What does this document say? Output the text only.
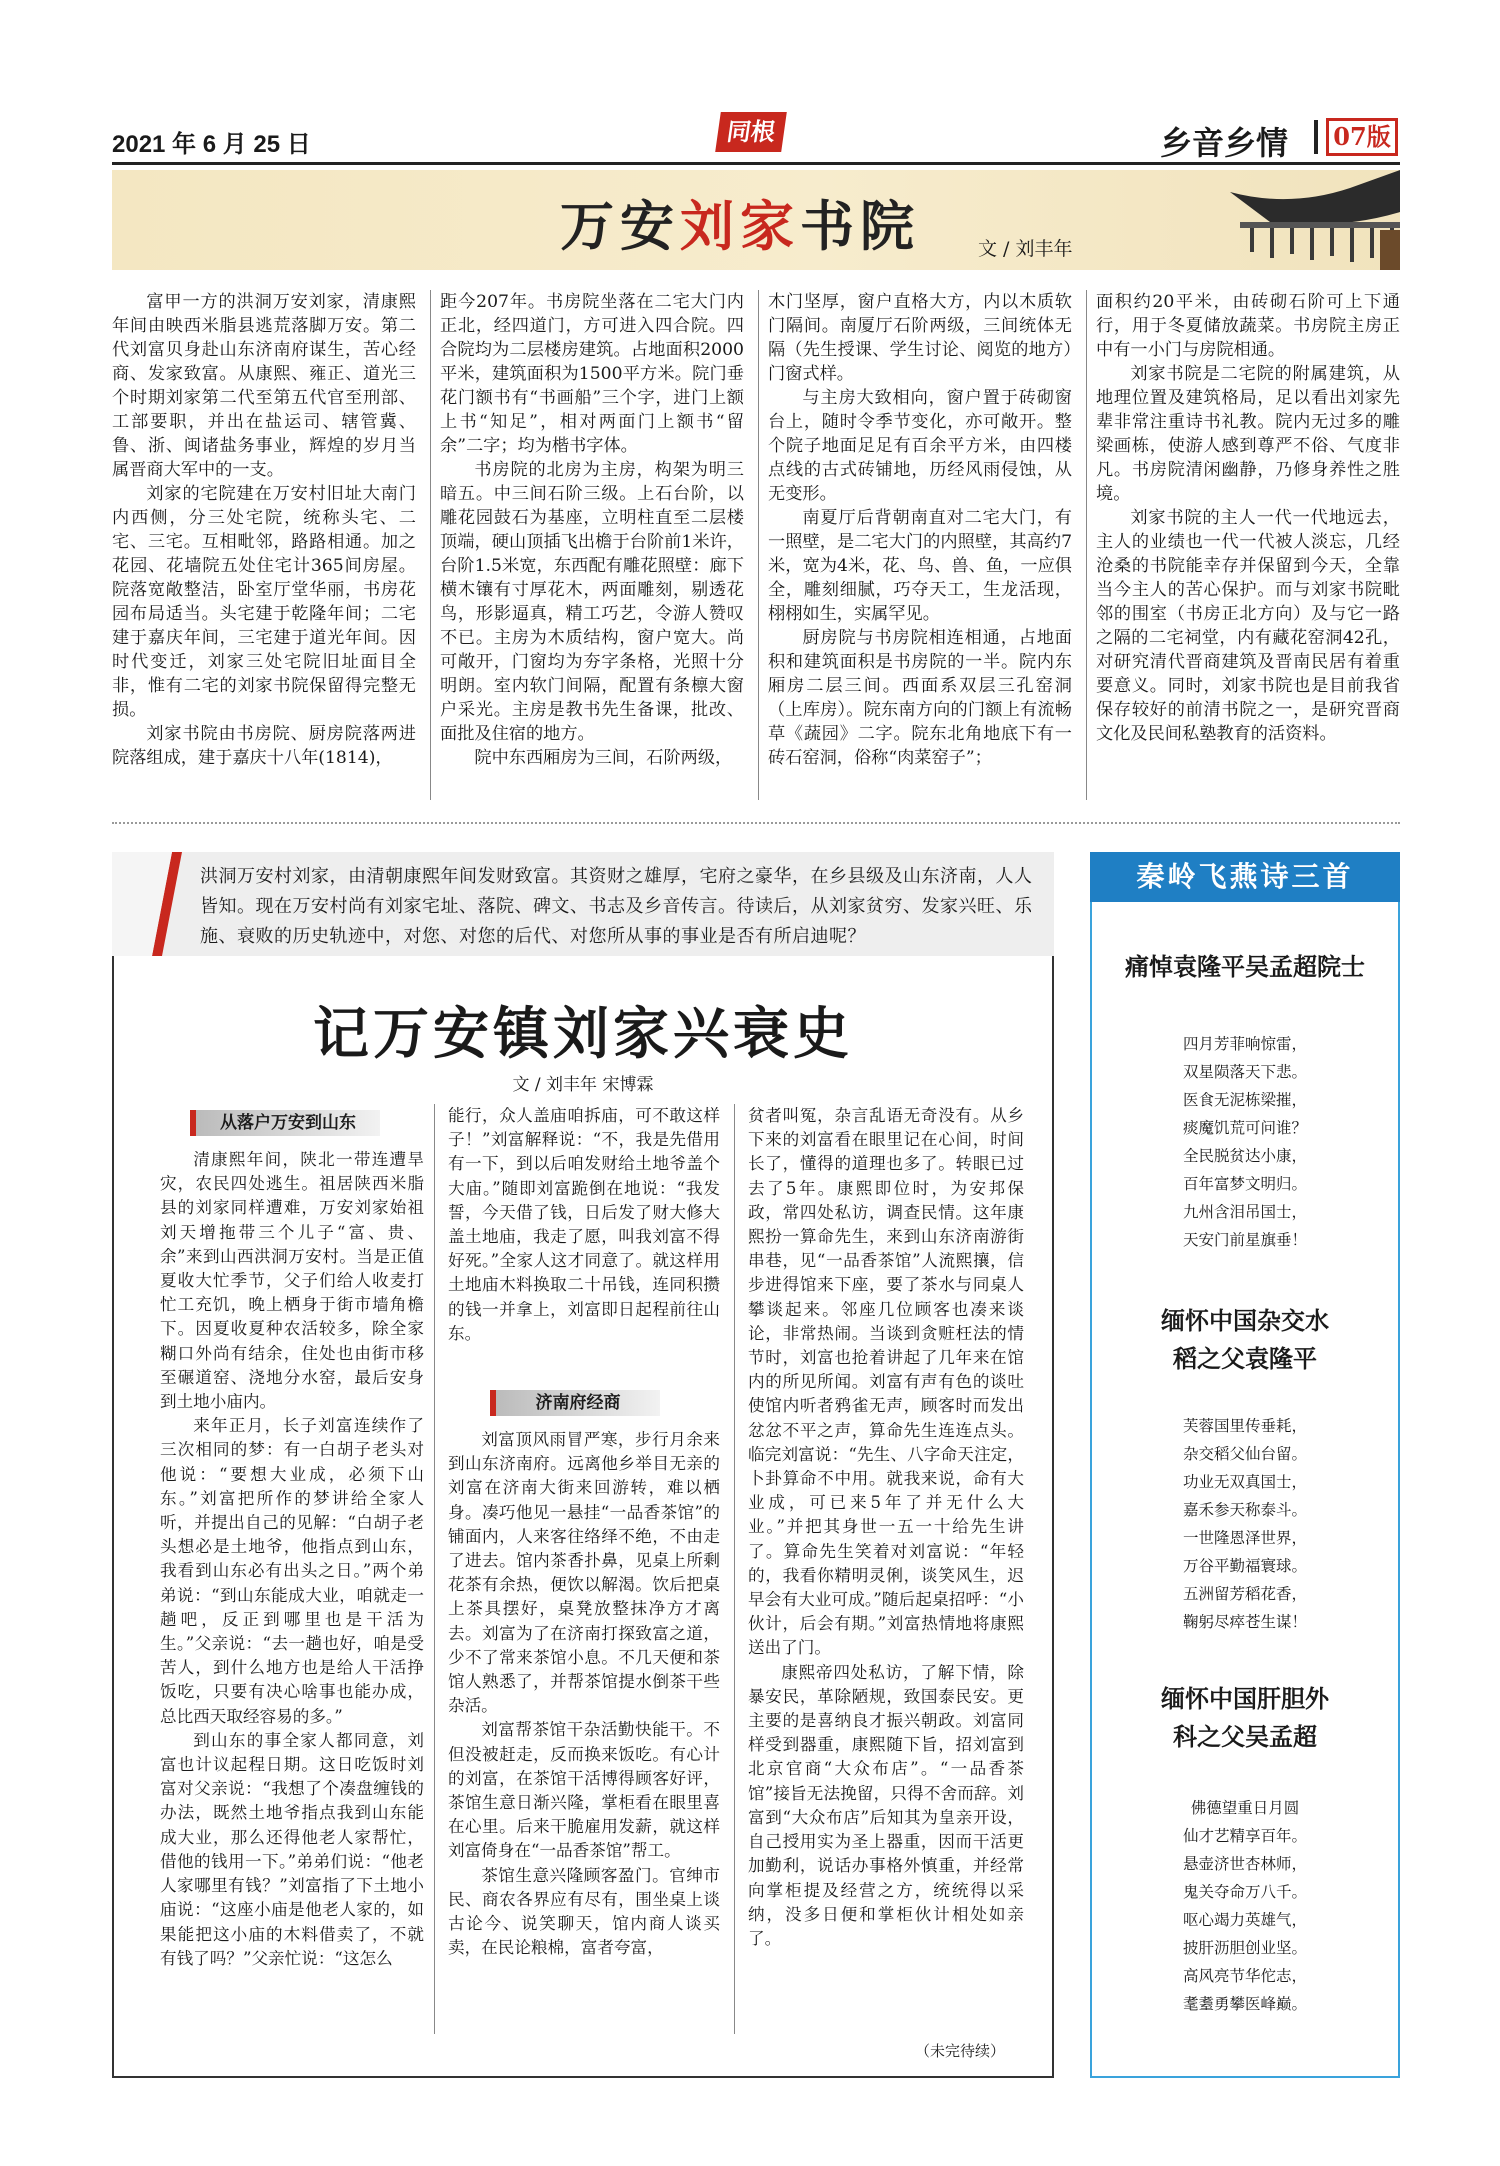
2021 年 6 月 25 日	同根	乡音乡情	07版
万安刘家书院	文 / 刘丰年

富甲一方的洪洞万安刘家，清康熙年间由映西米脂县逃荒落脚万安。第二代刘富贝身赴山东济南府谋生，苦心经商、发家致富。从康熙、雍正、道光三个时期刘家第二代至第五代官至刑部、工部要职，并出在盐运司、辖管冀、鲁、浙、闽诸盐务事业，辉煌的岁月当属晋商大军中的一支。

刘家的宅院建在万安村旧址大南门内西侧，分三处宅院，统称头宅、二宅、三宅。互相毗邻，路路相通。加之花园、花墙院五处住宅计365间房屋。院落宽敞整洁，卧室厅堂华丽，书房花园布局适当。头宅建于乾隆年间；二宅建于嘉庆年间，三宅建于道光年间。因时代变迁，刘家三处宅院旧址面目全非，惟有二宅的刘家书院保留得完整无损。

刘家书院由书房院、厨房院落两进院落组成，建于嘉庆十八年(1814)，

距今207年。书房院坐落在二宅大门内正北，经四道门，方可进入四合院。四合院均为二层楼房建筑。占地面积2000平米，建筑面积为1500平方米。院门垂花门额书有“书画船”三个字，进门上额上书“知足”，相对两面门上额书“留余”二字；均为楷书字体。

书房院的北房为主房，构架为明三暗五。中三间石阶三级。上石台阶，以雕花园鼓石为基座，立明柱直至二层楼顶端，硬山顶插飞出檐于台阶前1米许，台阶1.5米宽，东西配有雕花照壁：廊下横木镶有寸厚花木，两面雕刻，剔透花鸟，形影逼真，精工巧艺，令游人赞叹不已。主房为木质结构，窗户宽大。尚可敞开，门窗均为夯字条格，光照十分明朗。室内软门间隔，配置有条檩大窗户采光。主房是教书先生备课，批改、面批及住宿的地方。

院中东西厢房为三间，石阶两级，

木门坚厚，窗户直格大方，内以木质软门隔间。南厦厅石阶两级，三间统体无隔（先生授课、学生讨论、阅览的地方）门窗式样。

与主房大致相向，窗户置于砖砌窗台上，随时令季节变化，亦可敞开。整个院子地面足足有百余平方米，由四楼点线的古式砖铺地，历经风雨侵蚀，从无变形。

南夏厅后背朝南直对二宅大门，有一照壁，是二宅大门的内照壁，其高约7米，宽为4米，花、鸟、兽、鱼，一应俱全，雕刻细腻，巧夺天工，生龙活现，栩栩如生，实属罕见。

厨房院与书房院相连相通，占地面积和建筑面积是书房院的一半。院内东厢房二层三间。西面系双层三孔窑洞（上库房）。院东南方向的门额上有流畅草《蔬园》二字。院东北角地底下有一砖石窑洞，俗称“肉菜窑子”；

面积约20平米，由砖砌石阶可上下通行，用于冬夏储放蔬菜。书房院主房正中有一小门与房院相通。

刘家书院是二宅院的附属建筑，从地理位置及建筑格局，足以看出刘家先辈非常注重诗书礼教。院内无过多的雕梁画栋，使游人感到尊严不俗、气度非凡。书房院清闲幽静，乃修身养性之胜境。

刘家书院的主人一代一代地远去，主人的业绩也一代一代被人淡忘，几经沧桑的书院能幸存并保留到今天，全靠当今主人的苦心保护。而与刘家书院毗邻的围室（书房正北方向）及与它一路之隔的二宅祠堂，内有藏花窑洞42孔，对研究清代晋商建筑及晋南民居有着重要意义。同时，刘家书院也是目前我省保存较好的前清书院之一，是研究晋商文化及民间私塾教育的活资料。

洪洞万安村刘家，由清朝康熙年间发财致富。其资财之雄厚，宅府之豪华，在乡县级及山东济南，人人皆知。现在万安村尚有刘家宅址、落院、碑文、书志及乡音传言。待读后，从刘家贫穷、发家兴旺、乐施、衰败的历史轨迹中，对您、对您的后代、对您所从事的事业是否有所启迪呢？
记万安镇刘家兴衰史
文 / 刘丰年 宋博霖
从落户万安到山东

清康熙年间，陕北一带连遭旱灾，农民四处逃生。祖居陕西米脂县的刘家同样遭难，万安刘家始祖刘天增拖带三个儿子“富、贵、余”来到山西洪洞万安村。当是正值夏收大忙季节，父子们给人收麦打忙工充饥，晚上栖身于街市墙角檐下。因夏收夏种农活较多，除全家糊口外尚有结余，住处也由街市移至碾道窑、浇地分水窑，最后安身到土地小庙内。

来年正月，长子刘富连续作了三次相同的梦：有一白胡子老头对他说：“要想大业成，必须下山东。”刘富把所作的梦讲给全家人听，并提出自己的见解：“白胡子老头想必是土地爷，他指点到山东，我看到山东必有出头之日。”两个弟弟说：“到山东能成大业，咱就走一趟吧，反正到哪里也是干活为生。”父亲说：“去一趟也好，咱是受苦人，到什么地方也是给人干活挣饭吃，只要有决心啥事也能办成，总比西天取经容易的多。”

到山东的事全家人都同意，刘富也计议起程日期。这日吃饭时刘富对父亲说：“我想了个凑盘缠钱的办法，既然土地爷指点我到山东能成大业，那么还得他老人家帮忙，借他的钱用一下。”弟弟们说：“他老人家哪里有钱？”刘富指了下土地小庙说：“这座小庙是他老人家的，如果能把这小庙的木料借卖了，不就有钱了吗？”父亲忙说：“这怎么

能行，众人盖庙咱拆庙，可不敢这样子！”刘富解释说：“不，我是先借用有一下，到以后咱发财给土地爷盖个大庙。”随即刘富跪倒在地说：“我发誓，今天借了钱，日后发了财大修大盖土地庙，我走了愿，叫我刘富不得好死。”全家人这才同意了。就这样用土地庙木料换取二十吊钱，连同积攒的钱一并拿上，刘富即日起程前往山东。

济南府经商

刘富顶风雨冒严寒，步行月余来到山东济南府。远离他乡举目无亲的刘富在济南大街来回游转，难以栖身。凑巧他见一悬挂“一品香茶馆”的铺面内，人来客往络绎不绝，不由走了进去。馆内茶香扑鼻，见桌上所剩花茶有余热，便饮以解渴。饮后把桌上茶具摆好，桌凳放整抹净方才离去。刘富为了在济南打探致富之道，少不了常来茶馆小息。不几天便和茶馆人熟悉了，并帮茶馆提水倒茶干些杂活。

刘富帮茶馆干杂活勤快能干。不但没被赶走，反而换来饭吃。有心计的刘富，在茶馆干活博得顾客好评，茶馆生意日渐兴隆，掌柜看在眼里喜在心里。后来干脆雇用发薪，就这样刘富倚身在“一品香茶馆”帮工。

茶馆生意兴隆顾客盈门。官绅市民、商农各界应有尽有，围坐桌上谈古论今、说笑聊天，馆内商人谈买卖，在民论粮棉，富者夸富，

贫者叫冤，杂言乱语无奇没有。从乡下来的刘富看在眼里记在心间，时间长了，懂得的道理也多了。转眼已过去了5年。康熙即位时，为安邦保政，常四处私访，调查民情。这年康熙扮一算命先生，来到山东济南游街串巷，见“一品香茶馆”人流熙攘，信步进得馆来下座，要了茶水与同桌人攀谈起来。邻座几位顾客也凑来谈论，非常热闹。当谈到贪赃枉法的情节时，刘富也抢着讲起了几年来在馆内的所见所闻。刘富有声有色的谈吐使馆内听者鸦雀无声，顾客时而发出忿忿不平之声，算命先生连连点头。临完刘富说：“先生、八字命天注定，卜卦算命不中用。就我来说，命有大业成，可已来5年了并无什么大业。”并把其身世一五一十给先生讲了。算命先生笑着对刘富说：“年轻的，我看你精明灵俐，谈笑风生，迟早会有大业可成。”随后起桌招呼：“小伙计，后会有期。”刘富热情地将康熙送出了门。

康熙帝四处私访，了解下情，除暴安民，革除陋规，致国泰民安。更主要的是喜纳良才振兴朝政。刘富同样受到器重，康熙随下旨，招刘富到北京官商“大众布店”。“一品香茶馆”接旨无法挽留，只得不舍而辞。刘富到“大众布店”后知其为皇亲开设，自己授用实为圣上器重，因而干活更加勤利，说话办事格外慎重，并经常向掌柜提及经营之方，统统得以采纳，没多日便和掌柜伙计相处如亲了。

（未完待续）
秦岭飞燕诗三首
痛悼袁隆平吴孟超院士
四月芳菲响惊雷，
双星陨落天下悲。
医食无泥栋梁摧，
痰魔饥荒可问谁？
全民脱贫达小康，
百年富梦文明归。
九州含泪吊国士，
天安门前星旗垂！
缅怀中国杂交水稻之父袁隆平
芙蓉国里传垂耗，
杂交稻父仙台留。
功业无双真国士，
嘉禾参天称泰斗。
一世隆恩泽世界，
万谷平勤福寰球。
五洲留芳稻花香，
鞠躬尽瘁苍生谋！
缅怀中国肝胆外科之父吴孟超
佛德望重日月圆
仙才艺精享百年。
悬壶济世杏林师，
鬼关夺命万八千。
呕心竭力英雄气，
披肝沥胆创业坚。
高风亮节华佗志，
耄耋勇攀医峰巅。
